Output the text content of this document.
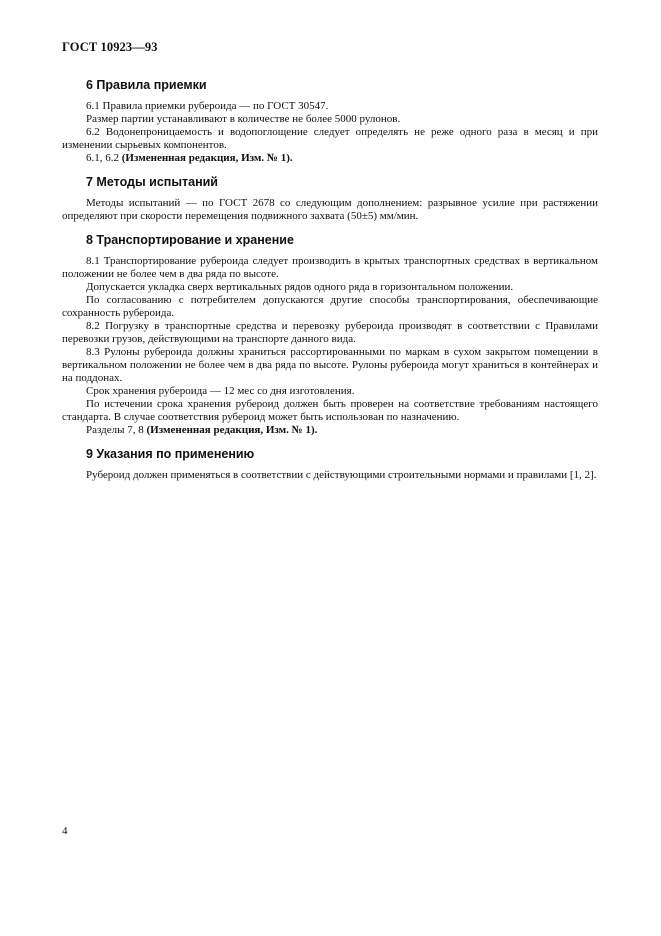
ГОСТ 10923—93
6 Правила приемки

6.1 Правила приемки рубероида — по ГОСТ 30547.

Размер партии устанавливают в количестве не более 5000 рулонов.

6.2 Водонепроницаемость и водопоглощение следует определять не реже одного раза в месяц и при изменении сырьевых компонентов.

6.1, 6.2 (Измененная редакция, Изм. № 1).

7 Методы испытаний

Методы испытаний — по ГОСТ 2678 со следующим дополнением: разрывное усилие при растяжении определяют при скорости перемещения подвижного захвата (50±5) мм/мин.

8 Транспортирование и хранение

8.1 Транспортирование рубероида следует производить в крытых транспортных средствах в вертикальном положении не более чем в два ряда по высоте.

Допускается укладка сверх вертикальных рядов одного ряда в горизонтальном положении.

По согласованию с потребителем допускаются другие способы транспортирования, обеспечивающие сохранность рубероида.

8.2 Погрузку в транспортные средства и перевозку рубероида производят в соответствии с Правилами перевозки грузов, действующими на транспорте данного вида.

8.3 Рулоны рубероида должны храниться рассортированными по маркам в сухом закрытом помещении в вертикальном положении не более чем в два ряда по высоте. Рулоны рубероида могут храниться в контейнерах и на поддонах.

Срок хранения рубероида — 12 мес со дня изготовления.

По истечении срока хранения рубероид должен быть проверен на соответствие требованиям настоящего стандарта. В случае соответствия рубероид может быть использован по назначению.

Разделы 7, 8 (Измененная редакция, Изм. № 1).

9 Указания по применению

Рубероид должен применяться в соответствии с действующими строительными нормами и правилами [1, 2].

4
